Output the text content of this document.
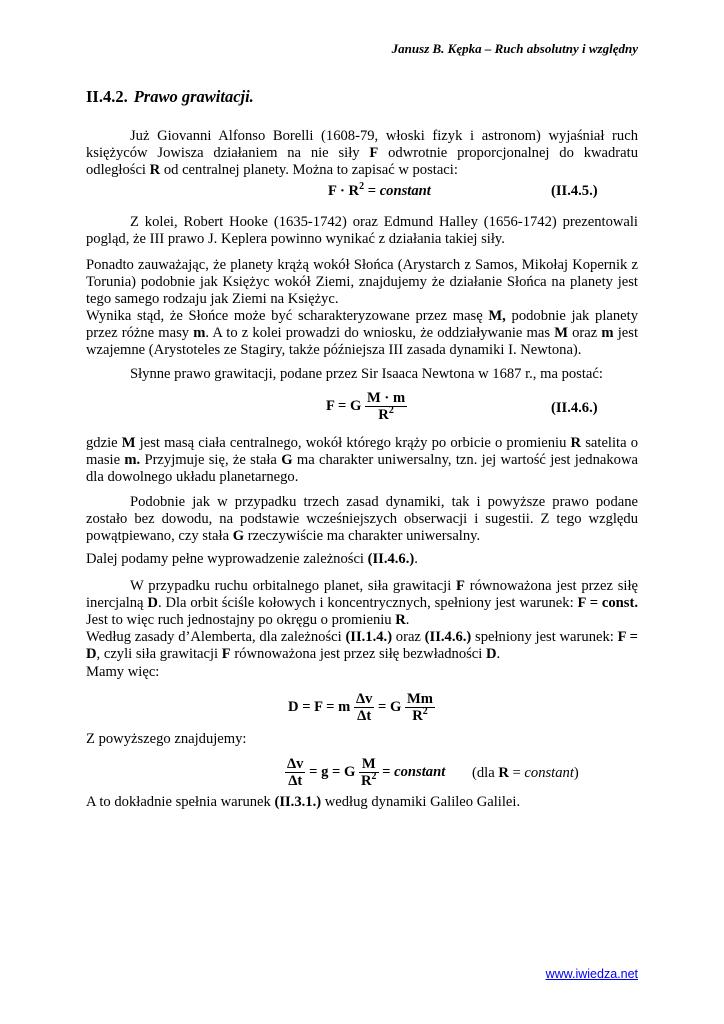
Janusz B. Kępka – Ruch absolutny i względny
II.4.2. Prawo grawitacji.

Już Giovanni Alfonso Borelli (1608-79, włoski fizyk i astronom) wyjaśniał ruch księżyców Jowisza działaniem na nie siły F odwrotnie proporcjonalnej do kwadratu odległości R od centralnej planety. Można to zapisać w postaci:

$F \cdot R^2$ = constant	(II.4.5.)

Z kolei, Robert Hooke (1635-1742) oraz Edmund Halley (1656-1742) prezentowali pogląd, że III prawo J. Keplera powinno wynikać z działania takiej siły.

Ponadto zauważając, że planety krążą wokół Słońca (Arystarch z Samos, Mikołaj Kopernik z Torunia) podobnie jak Księżyc wokół Ziemi, znajdujemy że działanie Słońca na planety jest tego samego rodzaju jak Ziemi na Księżyc.

Wynika stąd, że Słońce może być scharakteryzowane przez masę M, podobnie jak planety przez różne masy m. A to z kolei prowadzi do wniosku, że oddziaływanie mas M oraz m jest wzajemne (Arystoteles ze Stagiry, także późniejsza III zasada dynamiki I. Newtona).

Słynne prawo grawitacji, podane przez Sir Isaaca Newtona w 1687 r., ma postać:

F = G $\frac{M \cdot m}{R^2}$	(II.4.6.)

gdzie M jest masą ciała centralnego, wokół którego krąży po orbicie o promieniu R satelita o masie m. Przyjmuje się, że stała G ma charakter uniwersalny, tzn. jej wartość jest jednakowa dla dowolnego układu planetarnego.

Podobnie jak w przypadku trzech zasad dynamiki, tak i powyższe prawo podane zostało bez dowodu, na podstawie wcześniejszych obserwacji i sugestii. Z tego względu powątpiewano, czy stała G rzeczywiście ma charakter uniwersalny.

Dalej podamy pełne wyprowadzenie zależności (II.4.6.).

W przypadku ruchu orbitalnego planet, siła grawitacji F równoważona jest przez siłę inercjalną D. Dla orbit ściśle kołowych i koncentrycznych, spełniony jest warunek: F = const. Jest to więc ruch jednostajny po okręgu o promieniu R.

Według zasady d’Alemberta, dla zależności (II.1.4.) oraz (II.4.6.) spełniony jest warunek: F = D, czyli siła grawitacji F równoważona jest przez siłę bezwładności D.

Mamy więc:

D = F = m $\frac{\Delta v}{\Delta t} = G \frac{Mm}{R^2}$

Z powyższego znajdujemy:

$\frac{\Delta v}{\Delta t} = g = G \frac{M}{R^2}$ = constant (dla R = constant)

A to dokładnie spełnia warunek (II.3.1.) według dynamiki Galileo Galilei.

www.iwiedza.net
